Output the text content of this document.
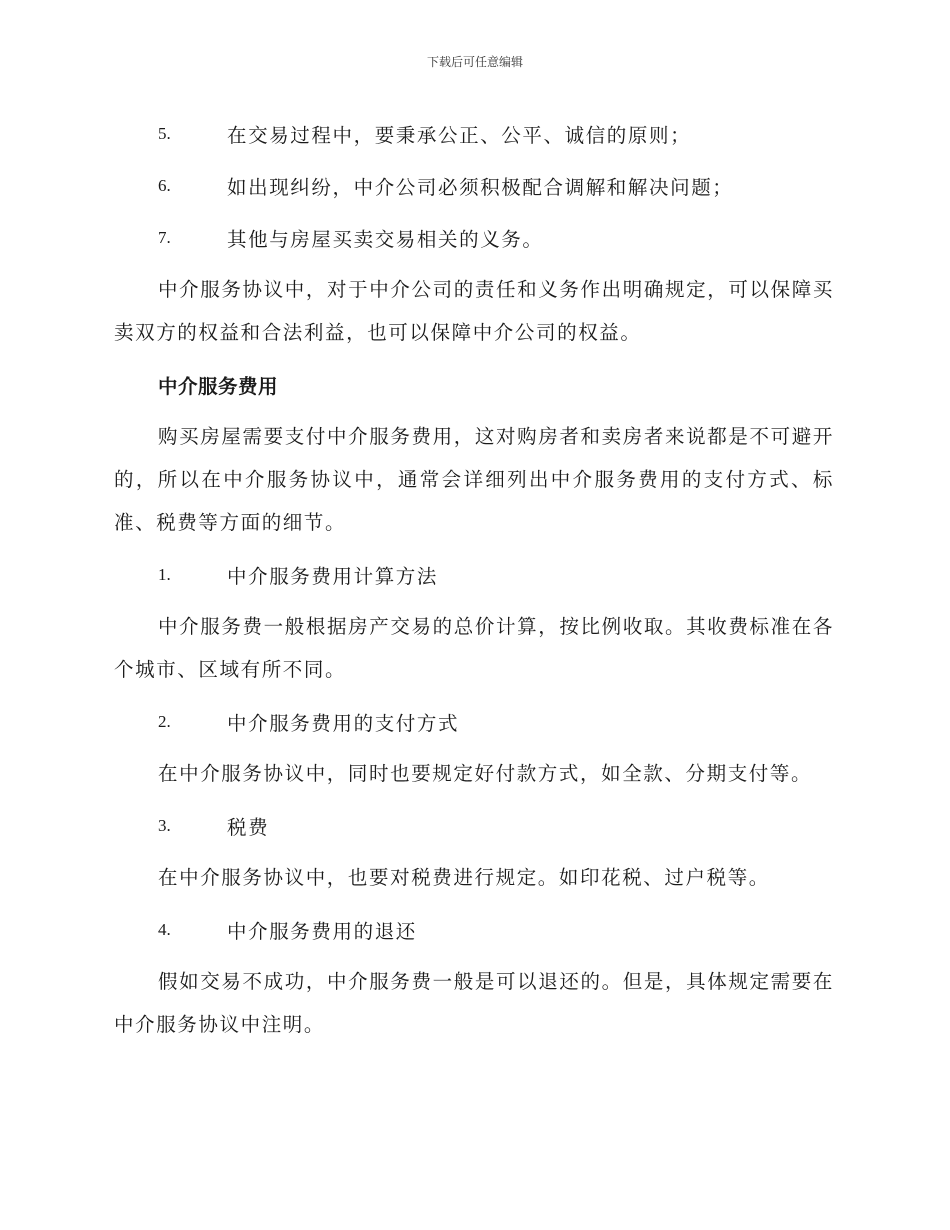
下载后可任意编辑
5.	在交易过程中，要秉承公正、公平、诚信的原则；
6.	如出现纠纷，中介公司必须积极配合调解和解决问题；
7.	其他与房屋买卖交易相关的义务。

中介服务协议中，对于中介公司的责任和义务作出明确规定，可以保障买卖双方的权益和合法利益，也可以保障中介公司的权益。

中介服务费用

购买房屋需要支付中介服务费用，这对购房者和卖房者来说都是不可避开的，所以在中介服务协议中，通常会详细列出中介服务费用的支付方式、标准、税费等方面的细节。

1.	中介服务费用计算方法

中介服务费一般根据房产交易的总价计算，按比例收取。其收费标准在各个城市、区域有所不同。

2.	中介服务费用的支付方式

在中介服务协议中，同时也要规定好付款方式，如全款、分期支付等。

3.	税费

在中介服务协议中，也要对税费进行规定。如印花税、过户税等。

4.	中介服务费用的退还

假如交易不成功，中介服务费一般是可以退还的。但是，具体规定需要在中介服务协议中注明。
